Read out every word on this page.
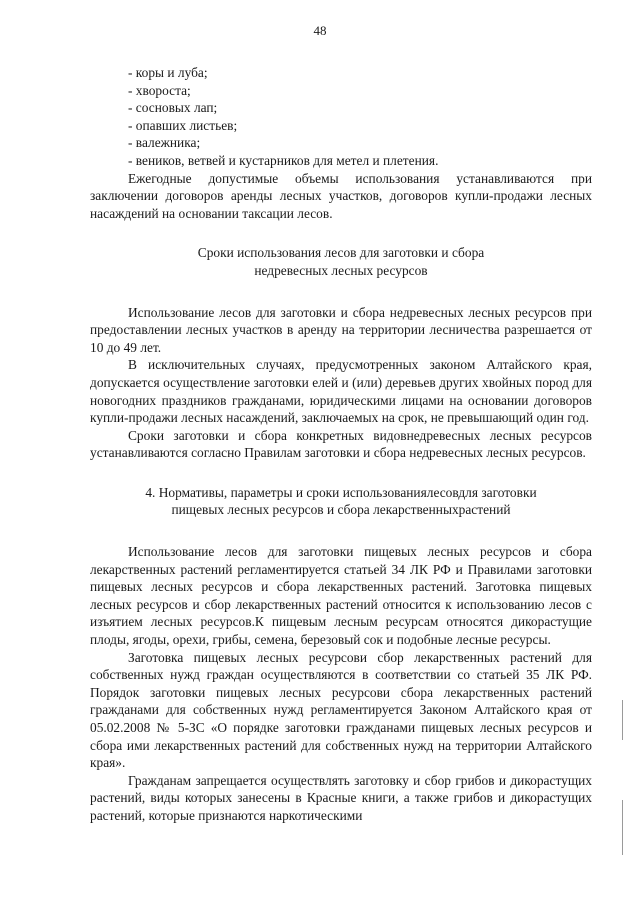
48
- коры и луба;
- хвороста;
- сосновых лап;
- опавших листьев;
- валежника;
- веников, ветвей и кустарников для метел и плетения.

Ежегодные допустимые объемы использования устанавливаются при заключении договоров аренды лесных участков, договоров купли-продажи лесных насаждений на основании таксации лесов.

Сроки использования лесов для заготовки и сбора
недревесных лесных ресурсов

Использование лесов для заготовки и сбора недревесных лесных ресурсов при предоставлении лесных участков в аренду на территории лесничества разрешается от 10 до 49 лет.

В исключительных случаях, предусмотренных законом Алтайского края, допускается осуществление заготовки елей и (или) деревьев других хвойных пород для новогодних праздников гражданами, юридическими лицами на основании договоров купли-продажи лесных насаждений, заключаемых на срок, не превышающий один год.

Сроки заготовки и сбора конкретных видовнедревесных лесных ресурсов устанавливаются согласно Правилам заготовки и сбора недревесных лесных ресурсов.

4. Нормативы, параметры и сроки использованиялесовдля заготовки
пищевых лесных ресурсов и сбора лекарственныхрастений

Использование лесов для заготовки пищевых лесных ресурсов и сбора лекарственных растений регламентируется статьей 34 ЛК РФ и Правилами заготовки пищевых лесных ресурсов и сбора лекарственных растений. Заготовка пищевых лесных ресурсов и сбор лекарственных растений относится к использованию лесов с изъятием лесных ресурсов.К пищевым лесным ресурсам относятся дикорастущие плоды, ягоды, орехи, грибы, семена, березовый сок и подобные лесные ресурсы.

Заготовка пищевых лесных ресурсови сбор лекарственных растений для собственных нужд граждан осуществляются в соответствии со статьей 35 ЛК РФ. Порядок заготовки пищевых лесных ресурсови сбора лекарственных растений гражданами для собственных нужд регламентируется Законом Алтайского края от 05.02.2008 № 5-ЗС «О порядке заготовки гражданами пищевых лесных ресурсов и сбора ими лекарственных растений для собственных нужд на территории Алтайского края».

Гражданам запрещается осуществлять заготовку и сбор грибов и дикорастущих растений, виды которых занесены в Красные книги, а также грибов и дикорастущих растений, которые признаются наркотическими
